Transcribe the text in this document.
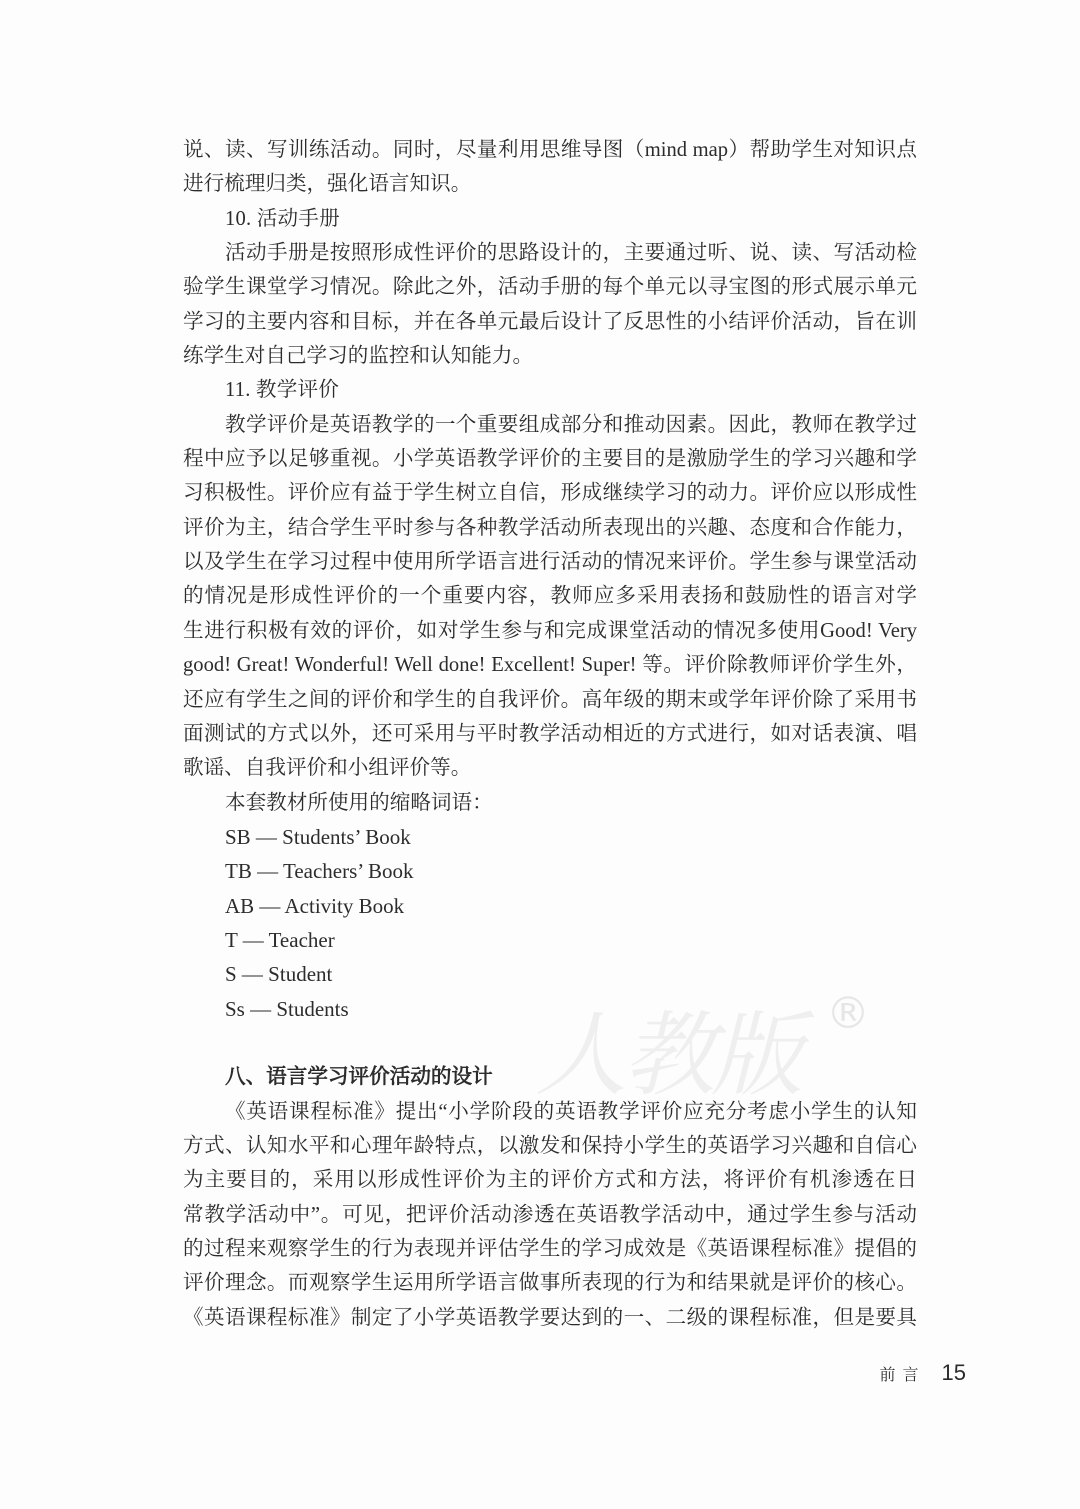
人教版 ®
说、读、写训练活动。同时，尽量利用思维导图（mind map）帮助学生对知识点
进行梳理归类，强化语言知识。
10. 活动手册
活动手册是按照形成性评价的思路设计的，主要通过听、说、读、写活动检
验学生课堂学习情况。除此之外，活动手册的每个单元以寻宝图的形式展示单元
学习的主要内容和目标，并在各单元最后设计了反思性的小结评价活动，旨在训
练学生对自己学习的监控和认知能力。
11. 教学评价
教学评价是英语教学的一个重要组成部分和推动因素。因此，教师在教学过
程中应予以足够重视。小学英语教学评价的主要目的是激励学生的学习兴趣和学
习积极性。评价应有益于学生树立自信，形成继续学习的动力。评价应以形成性
评价为主，结合学生平时参与各种教学活动所表现出的兴趣、态度和合作能力，
以及学生在学习过程中使用所学语言进行活动的情况来评价。学生参与课堂活动
的情况是形成性评价的一个重要内容，教师应多采用表扬和鼓励性的语言对学
生进行积极有效的评价，如对学生参与和完成课堂活动的情况多使用Good! Very
good! Great! Wonderful! Well done! Excellent! Super! 等。评价除教师评价学生外，
还应有学生之间的评价和学生的自我评价。高年级的期末或学年评价除了采用书
面测试的方式以外，还可采用与平时教学活动相近的方式进行，如对话表演、唱
歌谣、自我评价和小组评价等。
本套教材所使用的缩略词语：
SB — Students’ Book
TB — Teachers’ Book
AB — Activity Book
T — Teacher
S — Student
Ss — Students
八、语言学习评价活动的设计
《英语课程标准》提出“小学阶段的英语教学评价应充分考虑小学生的认知
方式、认知水平和心理年龄特点，以激发和保持小学生的英语学习兴趣和自信心
为主要目的，采用以形成性评价为主的评价方式和方法，将评价有机渗透在日
常教学活动中”。可见，把评价活动渗透在英语教学活动中，通过学生参与活动
的过程来观察学生的行为表现并评估学生的学习成效是《英语课程标准》提倡的
评价理念。而观察学生运用所学语言做事所表现的行为和结果就是评价的核心。
《英语课程标准》制定了小学英语教学要达到的一、二级的课程标准，但是要具
前言 15
